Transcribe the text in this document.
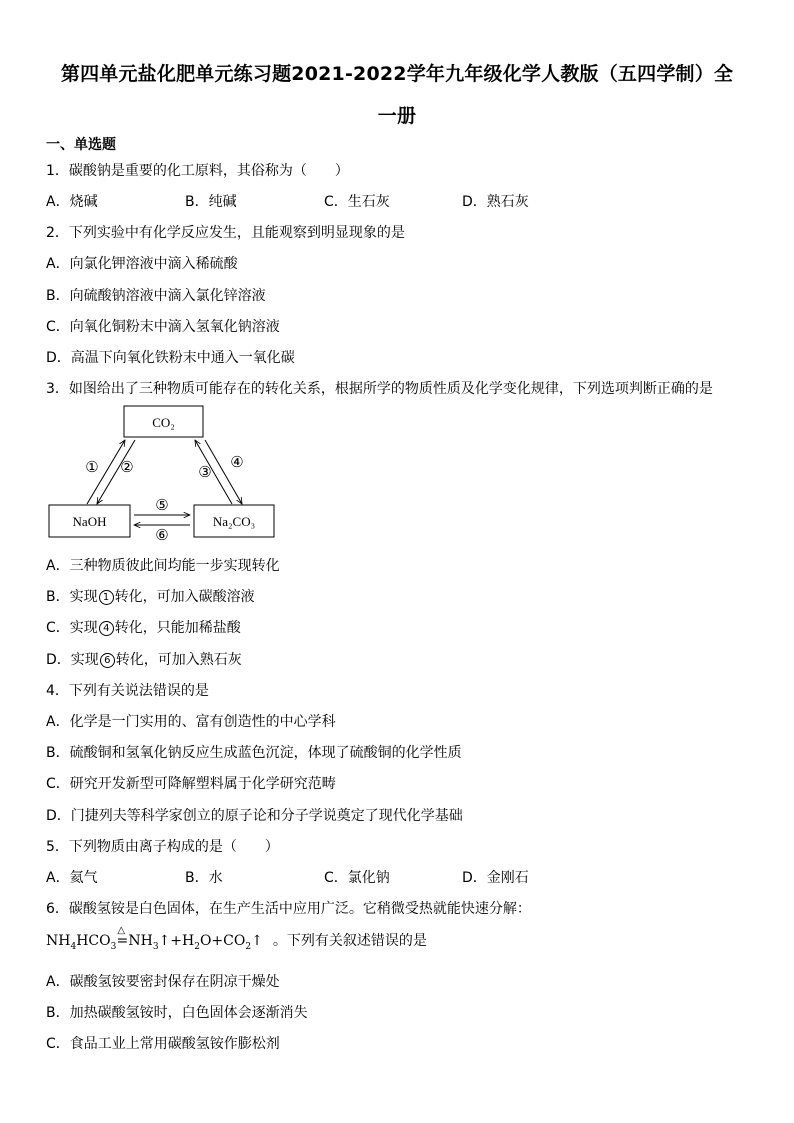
第四单元盐化肥单元练习题2021-2022学年九年级化学人教版（五四学制）全
一册
一、单选题
1．碳酸钠是重要的化工原料，其俗称为（　　）
A．烧碱	B．纯碱	C．生石灰	D．熟石灰
2．下列实验中有化学反应发生，且能观察到明显现象的是
A．向氯化钾溶液中滴入稀硫酸
B．向硫酸钠溶液中滴入氯化锌溶液
C．向氧化铜粉末中滴入氢氧化钠溶液
D．高温下向氧化铁粉末中通入一氧化碳
3．如图给出了三种物质可能存在的转化关系，根据所学的物质性质及化学变化规律，下列选项判断正确的是
CO₂
NaOH	Na₂CO₃
① ②	③
④
⑤
⑥
A．三种物质彼此间均能一步实现转化
B．实现 1 转化，可加入碳酸溶液
C．实现 4 转化，只能加稀盐酸
D．实现 6 转化，可加入熟石灰
4．下列有关说法错误的是
A．化学是一门实用的、富有创造性的中心学科
B．硫酸铜和氢氧化钠反应生成蓝色沉淀，体现了硫酸铜的化学性质
C．研究开发新型可降解塑料属于化学研究范畴
D．门捷列夫等科学家创立的原子论和分子学说奠定了现代化学基础
5．下列物质由离子构成的是（　　）
A．氦气	B．水	C．氯化钠	D．金刚石
6．碳酸氢铵是白色固体，在生产生活中应用广泛。它稍微受热就能快速分解：
$NH_4HCO_3$
△
$=NH_3↑+H_2O+CO_2↑$ 。下列有关叙述错误的是
A．碳酸氢铵要密封保存在阴凉干燥处
B．加热碳酸氢铵时，白色固体会逐渐消失
C．食品工业上常用碳酸氢铵作膨松剂
